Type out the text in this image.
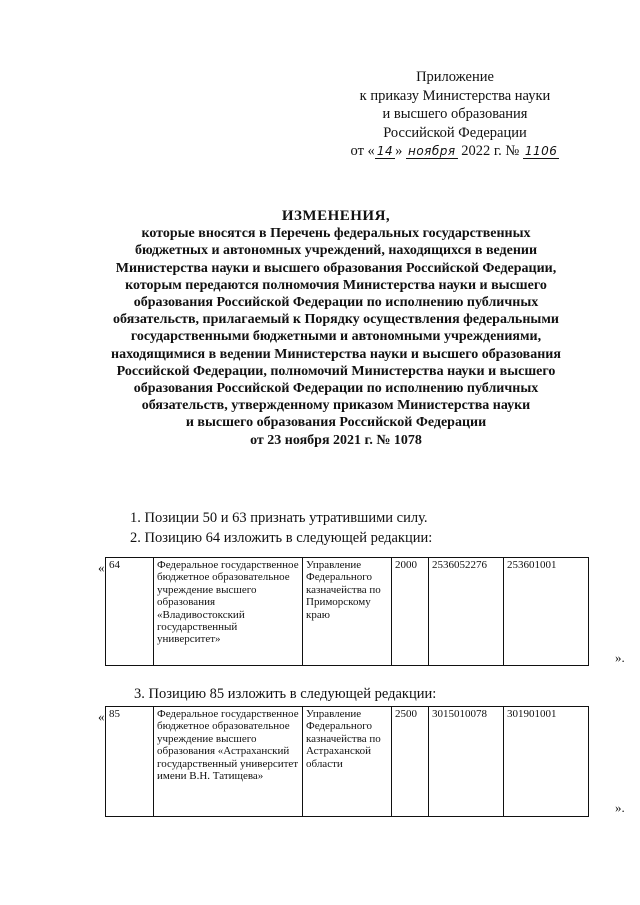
Приложение
к приказу Министерства науки
и высшего образования
Российской Федерации
от « 14 » ноября 2022 г. № 1106
ИЗМЕНЕНИЯ,
которые вносятся в Перечень федеральных государственных
бюджетных и автономных учреждений, находящихся в ведении
Министерства науки и высшего образования Российской Федерации,
которым передаются полномочия Министерства науки и высшего
образования Российской Федерации по исполнению публичных
обязательств, прилагаемый к Порядку осуществления федеральными
государственными бюджетными и автономными учреждениями,
находящимися в ведении Министерства науки и высшего образования
Российской Федерации, полномочий Министерства науки и высшего
образования Российской Федерации по исполнению публичных
обязательств, утвержденному приказом Министерства науки
и высшего образования Российской Федерации
от 23 ноября 2021 г. № 1078
1. Позиции 50 и 63 признать утратившими силу.
2. Позицию 64 изложить в следующей редакции:
« 64	Федеральное государственное бюджетное образовательное учреждение высшего образования «Владивостокский государственный университет»	Управление Федерального казначейства по Приморскому краю	2000	2536052276	253601001
».
3. Позицию 85 изложить в следующей редакции:
« 85	Федеральное государственное бюджетное образовательное учреждение высшего образования «Астраханский государственный университет имени В.Н. Татищева»	Управление Федерального казначейства по Астраханской области	2500	3015010078	301901001
».
